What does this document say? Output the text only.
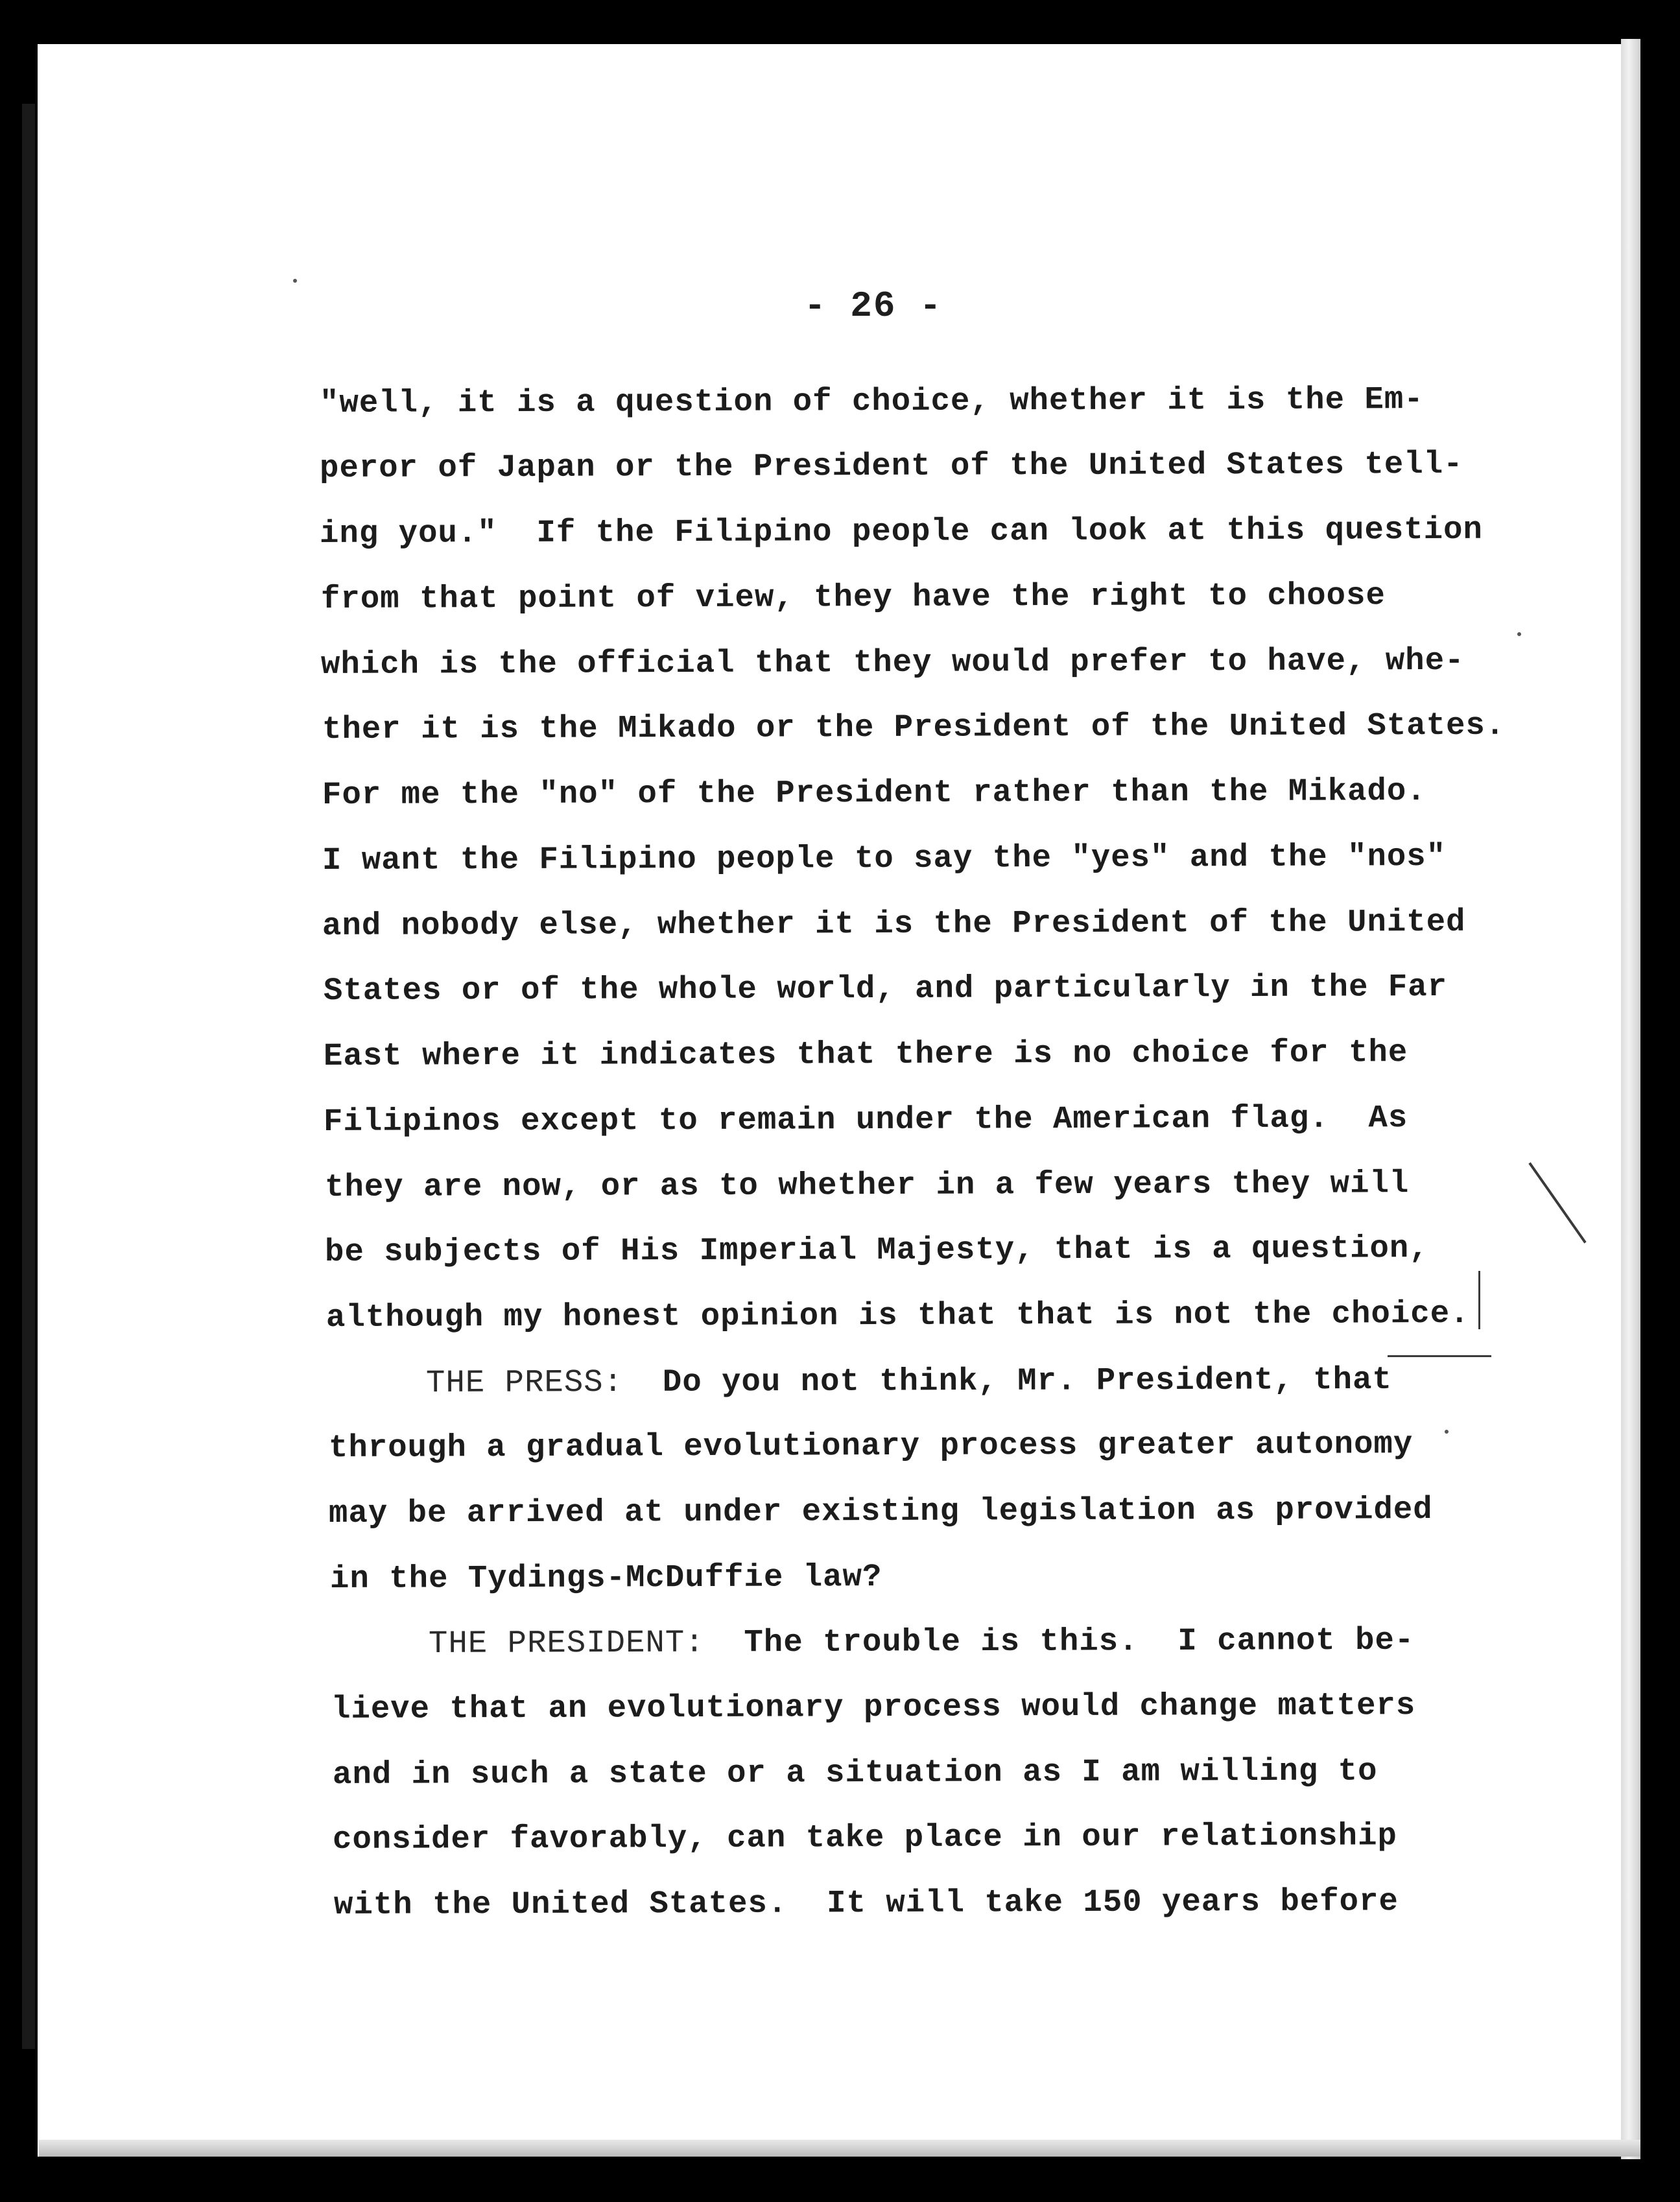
- 26 -
"well, it is a question of choice, whether it is the Em-
peror of Japan or the President of the United States tell-
ing you."  If the Filipino people can look at this question
from that point of view, they have the right to choose
which is the official that they would prefer to have, whe-
ther it is the Mikado or the President of the United States.
For me the "no" of the President rather than the Mikado.
I want the Filipino people to say the "yes" and the "nos"
and nobody else, whether it is the President of the United
States or of the whole world, and particularly in the Far
East where it indicates that there is no choice for the
Filipinos except to remain under the American flag.  As
they are now, or as to whether in a few years they will
be subjects of His Imperial Majesty, that is a question,
although my honest opinion is that that is not the choice.
THE PRESS:  Do you not think, Mr. President, that
through a gradual evolutionary process greater autonomy
may be arrived at under existing legislation as provided
in the Tydings-McDuffie law?
THE PRESIDENT:  The trouble is this.  I cannot be-
lieve that an evolutionary process would change matters
and in such a state or a situation as I am willing to
consider favorably, can take place in our relationship
with the United States.  It will take 150 years before
